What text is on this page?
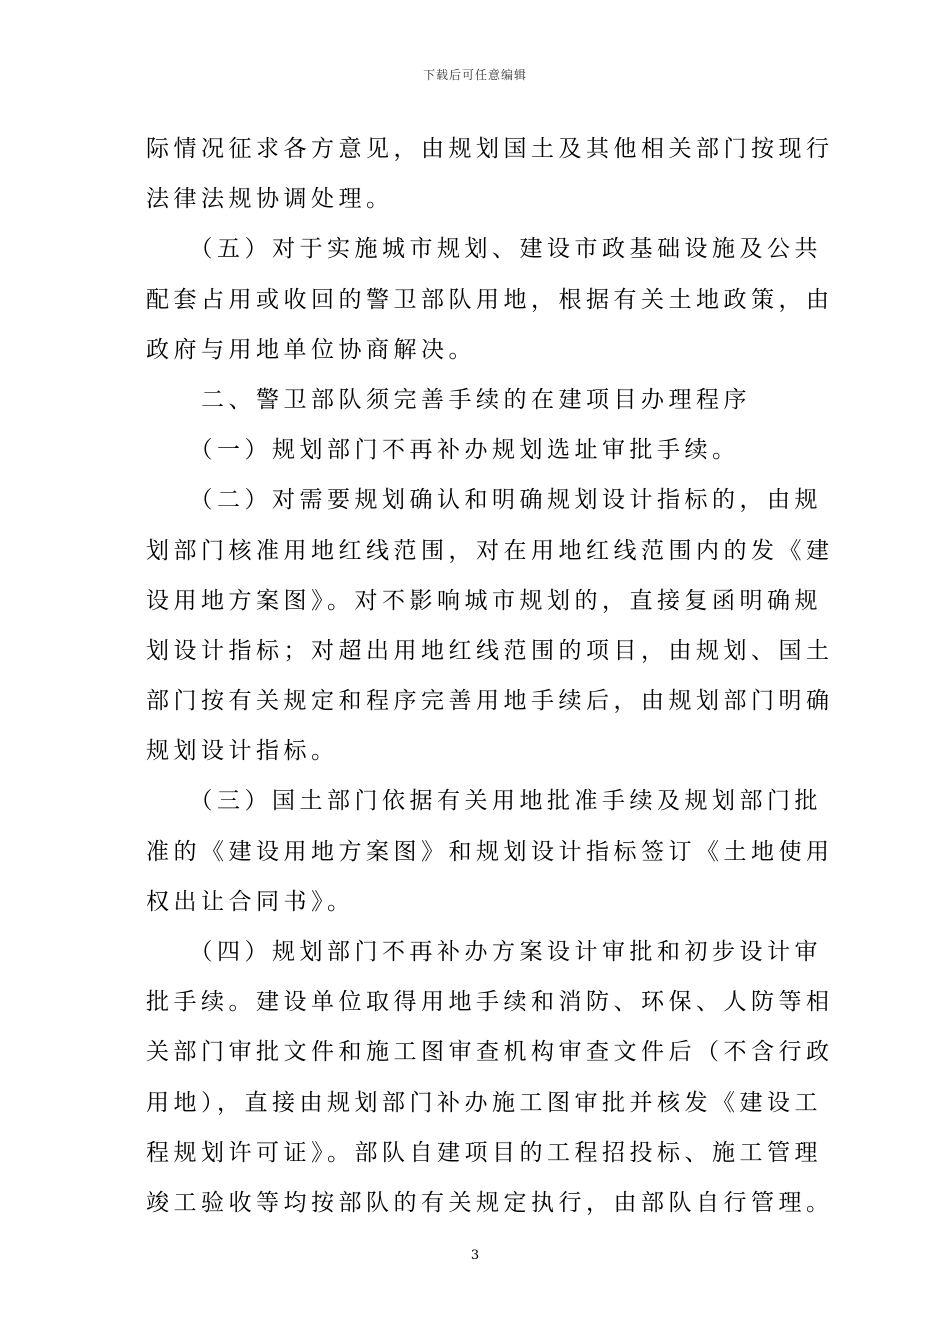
下载后可任意编辑
际情况征求各方意见，由规划国土及其他相关部门按现行
法律法规协调处理。
　　（五）对于实施城市规划、建设市政基础设施及公共
配套占用或收回的警卫部队用地，根据有关土地政策，由
政府与用地单位协商解决。
　　二、警卫部队须完善手续的在建项目办理程序
　　（一）规划部门不再补办规划选址审批手续。
　　（二）对需要规划确认和明确规划设计指标的，由规
划部门核准用地红线范围，对在用地红线范围内的发《建
设用地方案图》。对不影响城市规划的，直接复函明确规
划设计指标；对超出用地红线范围的项目，由规划、国土
部门按有关规定和程序完善用地手续后，由规划部门明确
规划设计指标。
　　（三）国土部门依据有关用地批准手续及规划部门批
准的《建设用地方案图》和规划设计指标签订《土地使用
权出让合同书》。
　　（四）规划部门不再补办方案设计审批和初步设计审
批手续。建设单位取得用地手续和消防、环保、人防等相
关部门审批文件和施工图审查机构审查文件后（不含行政
用地），直接由规划部门补办施工图审批并核发《建设工
程规划许可证》。部队自建项目的工程招投标、施工管理
竣工验收等均按部队的有关规定执行，由部队自行管理。
3
